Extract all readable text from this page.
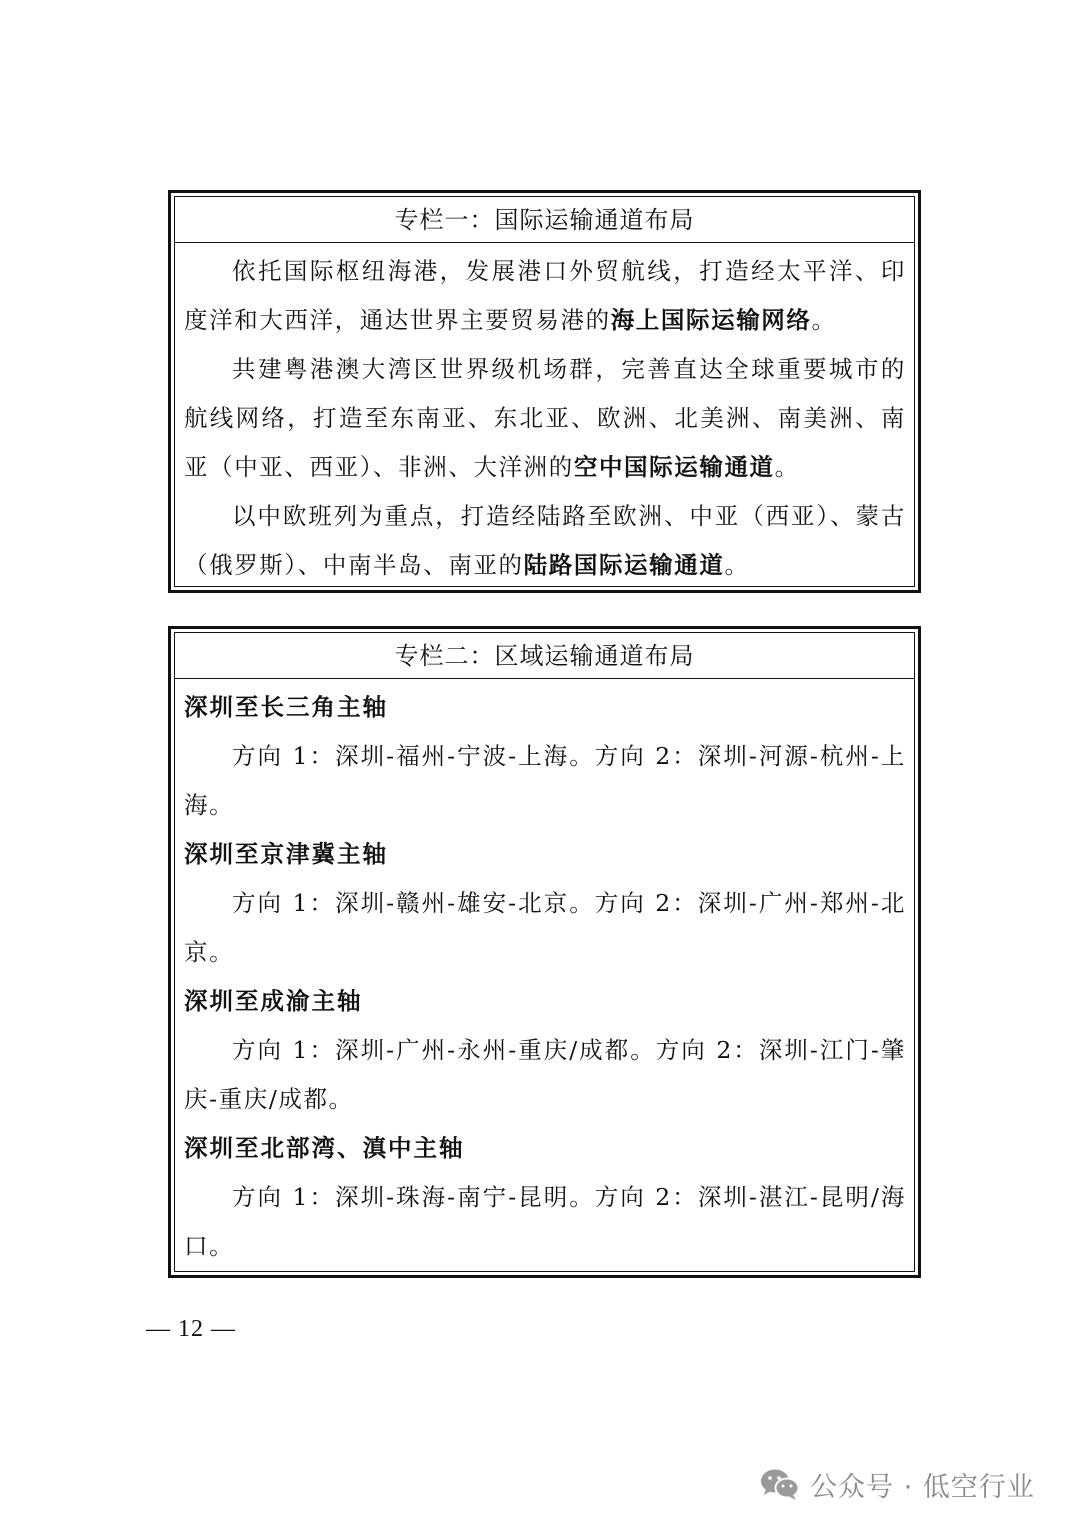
专栏一：国际运输通道布局

依托国际枢纽海港，发展港口外贸航线，打造经太平洋、印度洋和大西洋，通达世界主要贸易港的海上国际运输网络。

共建粤港澳大湾区世界级机场群，完善直达全球重要城市的航线网络，打造至东南亚、东北亚、欧洲、北美洲、南美洲、南亚（中亚、西亚）、非洲、大洋洲的空中国际运输通道。

以中欧班列为重点，打造经陆路至欧洲、中亚（西亚）、蒙古（俄罗斯）、中南半岛、南亚的陆路国际运输通道。

专栏二：区域运输通道布局

深圳至长三角主轴

方向 1：深圳-福州-宁波-上海。方向 2：深圳-河源-杭州-上海。

深圳至京津冀主轴

方向 1：深圳-赣州-雄安-北京。方向 2：深圳-广州-郑州-北京。

深圳至成渝主轴

方向 1：深圳-广州-永州-重庆/成都。方向 2：深圳-江门-肇庆-重庆/成都。

深圳至北部湾、滇中主轴

方向 1：深圳-珠海-南宁-昆明。方向 2：深圳-湛江-昆明/海口。

— 12 —
公众号 · 低空行业
